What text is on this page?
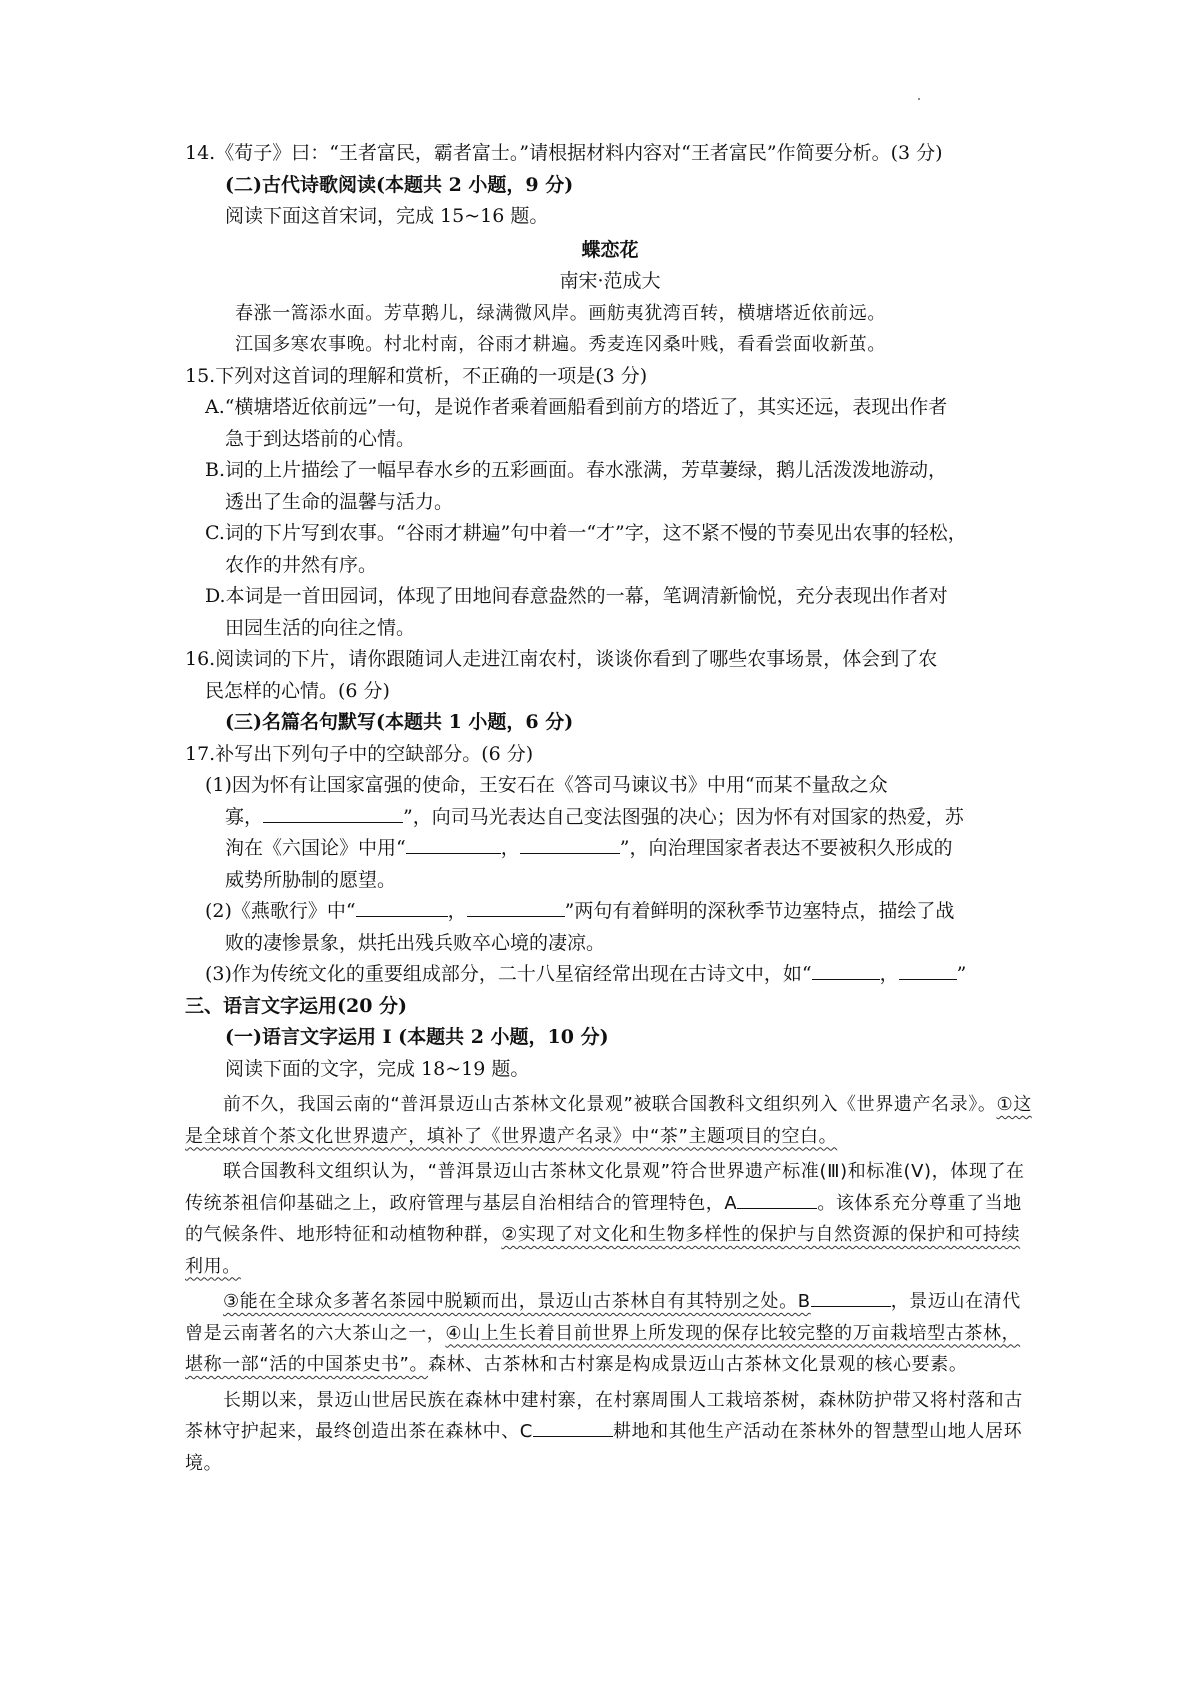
14.《荀子》曰：“王者富民，霸者富士。”请根据材料内容对“王者富民”作简要分析。(3 分)
(二)古代诗歌阅读(本题共 2 小题，9 分)
阅读下面这首宋词，完成 15~16 题。
蝶恋花
南宋·范成大
春涨一篙添水面。芳草鹅儿，绿满微风岸。画舫夷犹湾百转，横塘塔近依前远。
江国多寒农事晚。村北村南，谷雨才耕遍。秀麦连冈桑叶贱，看看尝面收新茧。
15.下列对这首词的理解和赏析，不正确的一项是(3 分)
A.“横塘塔近依前远”一句，是说作者乘着画船看到前方的塔近了，其实还远，表现出作者
急于到达塔前的心情。
B.词的上片描绘了一幅早春水乡的五彩画面。春水涨满，芳草萋绿，鹅儿活泼泼地游动，
透出了生命的温馨与活力。
C.词的下片写到农事。“谷雨才耕遍”句中着一“才”字，这不紧不慢的节奏见出农事的轻松，
农作的井然有序。
D.本词是一首田园词，体现了田地间春意盎然的一幕，笔调清新愉悦，充分表现出作者对
田园生活的向往之情。
16.阅读词的下片，请你跟随词人走进江南农村，谈谈你看到了哪些农事场景，体会到了农
民怎样的心情。(6 分)
(三)名篇名句默写(本题共 1 小题，6 分)
17.补写出下列句子中的空缺部分。(6 分)
(1)因为怀有让国家富强的使命，王安石在《答司马谏议书》中用“而某不量敌之众
寡，	”，向司马光表达自己变法图强的决心；因为怀有对国家的热爱，苏
洵在《六国论》中用“	，	”，向治理国家者表达不要被积久形成的
威势所胁制的愿望。
(2)《燕歌行》中“	，	”两句有着鲜明的深秋季节边塞特点，描绘了战
败的凄惨景象，烘托出残兵败卒心境的凄凉。
(3)作为传统文化的重要组成部分，二十八星宿经常出现在古诗文中，如“	，	”
三、语言文字运用(20 分)
(一)语言文字运用 I (本题共 2 小题，10 分)
阅读下面的文字，完成 18~19 题。

前不久，我国云南的“普洱景迈山古茶林文化景观”被联合国教科文组织列入《世界遗产名录》。①这是全球首个茶文化世界遗产，填补了《世界遗产名录》中“茶”主题项目的空白。

联合国教科文组织认为，“普洱景迈山古茶林文化景观”符合世界遗产标准(Ⅲ)和标准(Ⅴ)，体现了在传统茶祖信仰基础之上，政府管理与基层自治相结合的管理特色，A	。该体系充分尊重了当地的气候条件、地形特征和动植物种群，②实现了对文化和生物多样性的保护与自然资源的保护和可持续利用。

③能在全球众多著名茶园中脱颖而出，景迈山古茶林自有其特别之处。B	，景迈山在清代曾是云南著名的六大茶山之一，④山上生长着目前世界上所发现的保存比较完整的万亩栽培型古茶林，堪称一部“活的中国茶史书”。森林、古茶林和古村寨是构成景迈山古茶林文化景观的核心要素。

长期以来，景迈山世居民族在森林中建村寨，在村寨周围人工栽培茶树，森林防护带又将村落和古茶林守护起来，最终创造出茶在森林中、C	耕地和其他生产活动在茶林外的智慧型山地人居环境。
